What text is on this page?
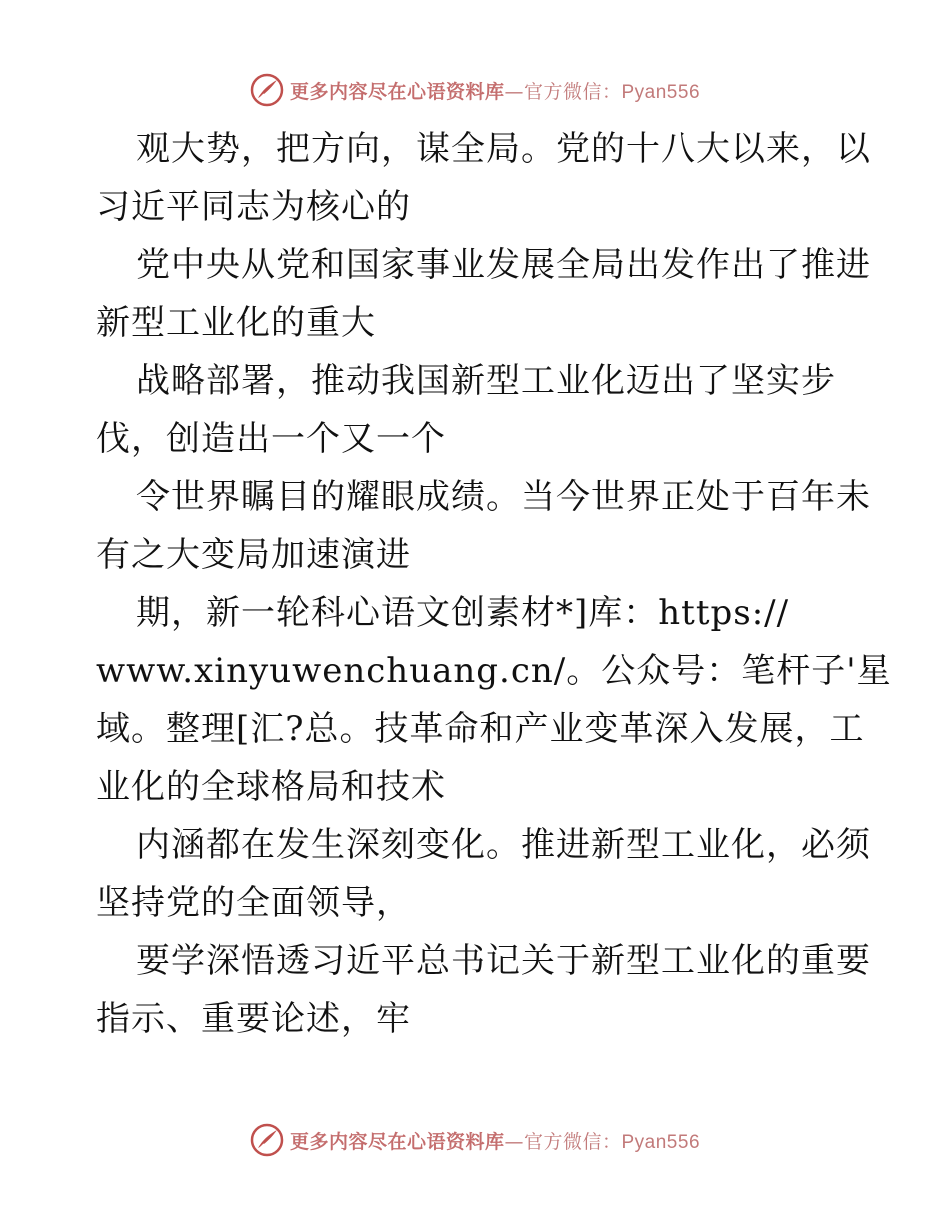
更多内容尽在心语资料库—官方微信：Pyan556
观大势，把方向，谋全局。党的十八大以来，以
习近平同志为核心的
党中央从党和国家事业发展全局出发作出了推进
新型工业化的重大
战略部署，推动我国新型工业化迈出了坚实步
伐，创造出一个又一个
令世界瞩目的耀眼成绩。当今世界正处于百年未
有之大变局加速演进
期，新一轮科心语文创素材*]库：https://
www.xinyuwenchuang.cn/。公众号：笔杆子'星
域。整理[汇?总。技革命和产业变革深入发展，工
业化的全球格局和技术
内涵都在发生深刻变化。推进新型工业化，必须
坚持党的全面领导，
要学深悟透习近平总书记关于新型工业化的重要
指示、重要论述，牢
更多内容尽在心语资料库—官方微信：Pyan556
